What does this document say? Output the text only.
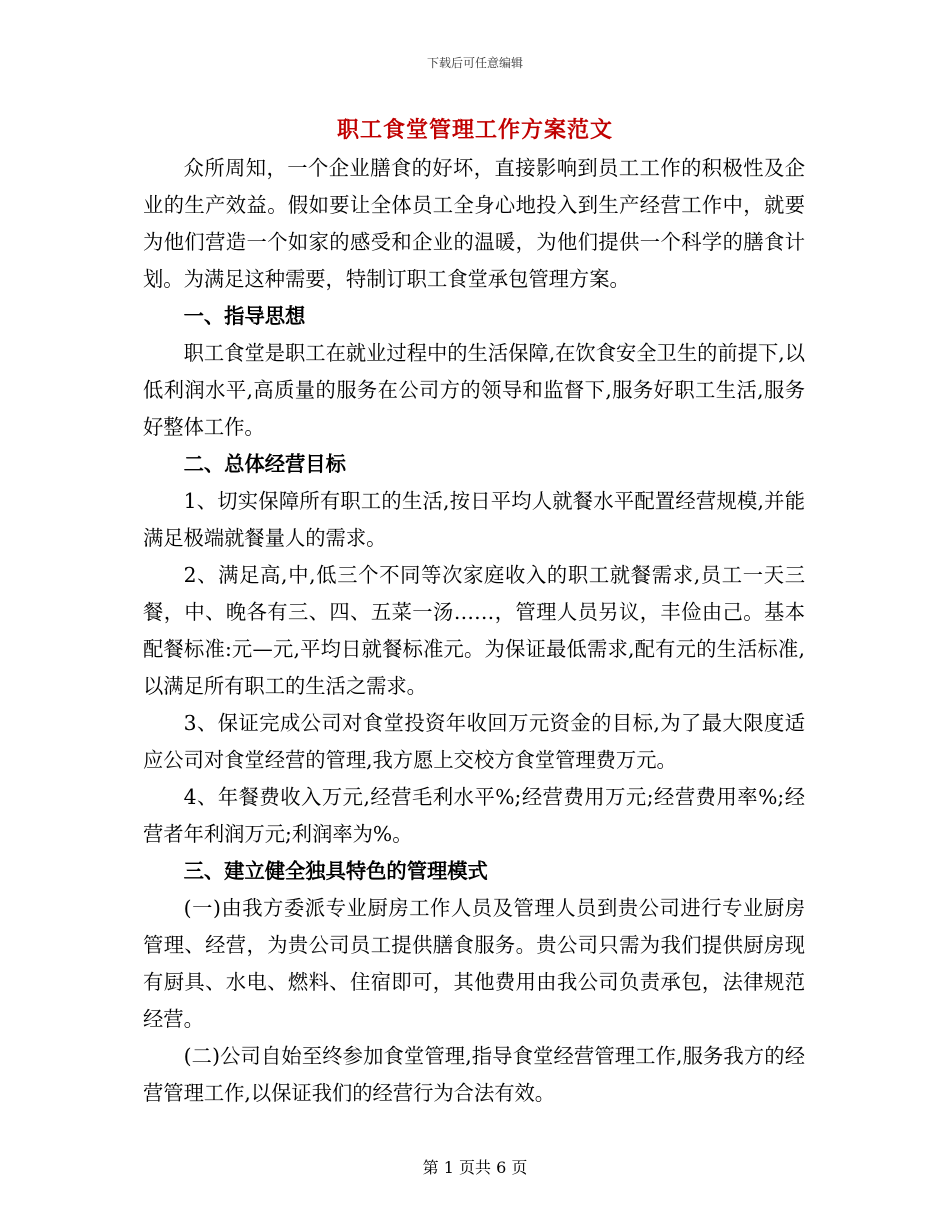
下载后可任意编辑
职工食堂管理工作方案范文

众所周知，一个企业膳食的好坏，直接影响到员工工作的积极性及企业的生产效益。假如要让全体员工全身心地投入到生产经营工作中，就要为他们营造一个如家的感受和企业的温暖，为他们提供一个科学的膳食计划。为满足这种需要，特制订职工食堂承包管理方案。

一、指导思想

职工食堂是职工在就业过程中的生活保障,在饮食安全卫生的前提下,以低利润水平,高质量的服务在公司方的领导和监督下,服务好职工生活,服务好整体工作。

二、总体经营目标

1、切实保障所有职工的生活,按日平均人就餐水平配置经营规模,并能满足极端就餐量人的需求。

2、满足高,中,低三个不同等次家庭收入的职工就餐需求,员工一天三餐，中、晚各有三、四、五菜一汤……，管理人员另议，丰俭由己。基本配餐标准:元—元,平均日就餐标准元。为保证最低需求,配有元的生活标准,以满足所有职工的生活之需求。

3、保证完成公司对食堂投资年收回万元资金的目标,为了最大限度适应公司对食堂经营的管理,我方愿上交校方食堂管理费万元。

4、年餐费收入万元,经营毛利水平%;经营费用万元;经营费用率%;经营者年利润万元;利润率为%。

三、建立健全独具特色的管理模式

(一)由我方委派专业厨房工作人员及管理人员到贵公司进行专业厨房管理、经营，为贵公司员工提供膳食服务。贵公司只需为我们提供厨房现有厨具、水电、燃料、住宿即可，其他费用由我公司负责承包，法律规范经营。

(二)公司自始至终参加食堂管理,指导食堂经营管理工作,服务我方的经营管理工作,以保证我们的经营行为合法有效。

第 1 页共 6 页
